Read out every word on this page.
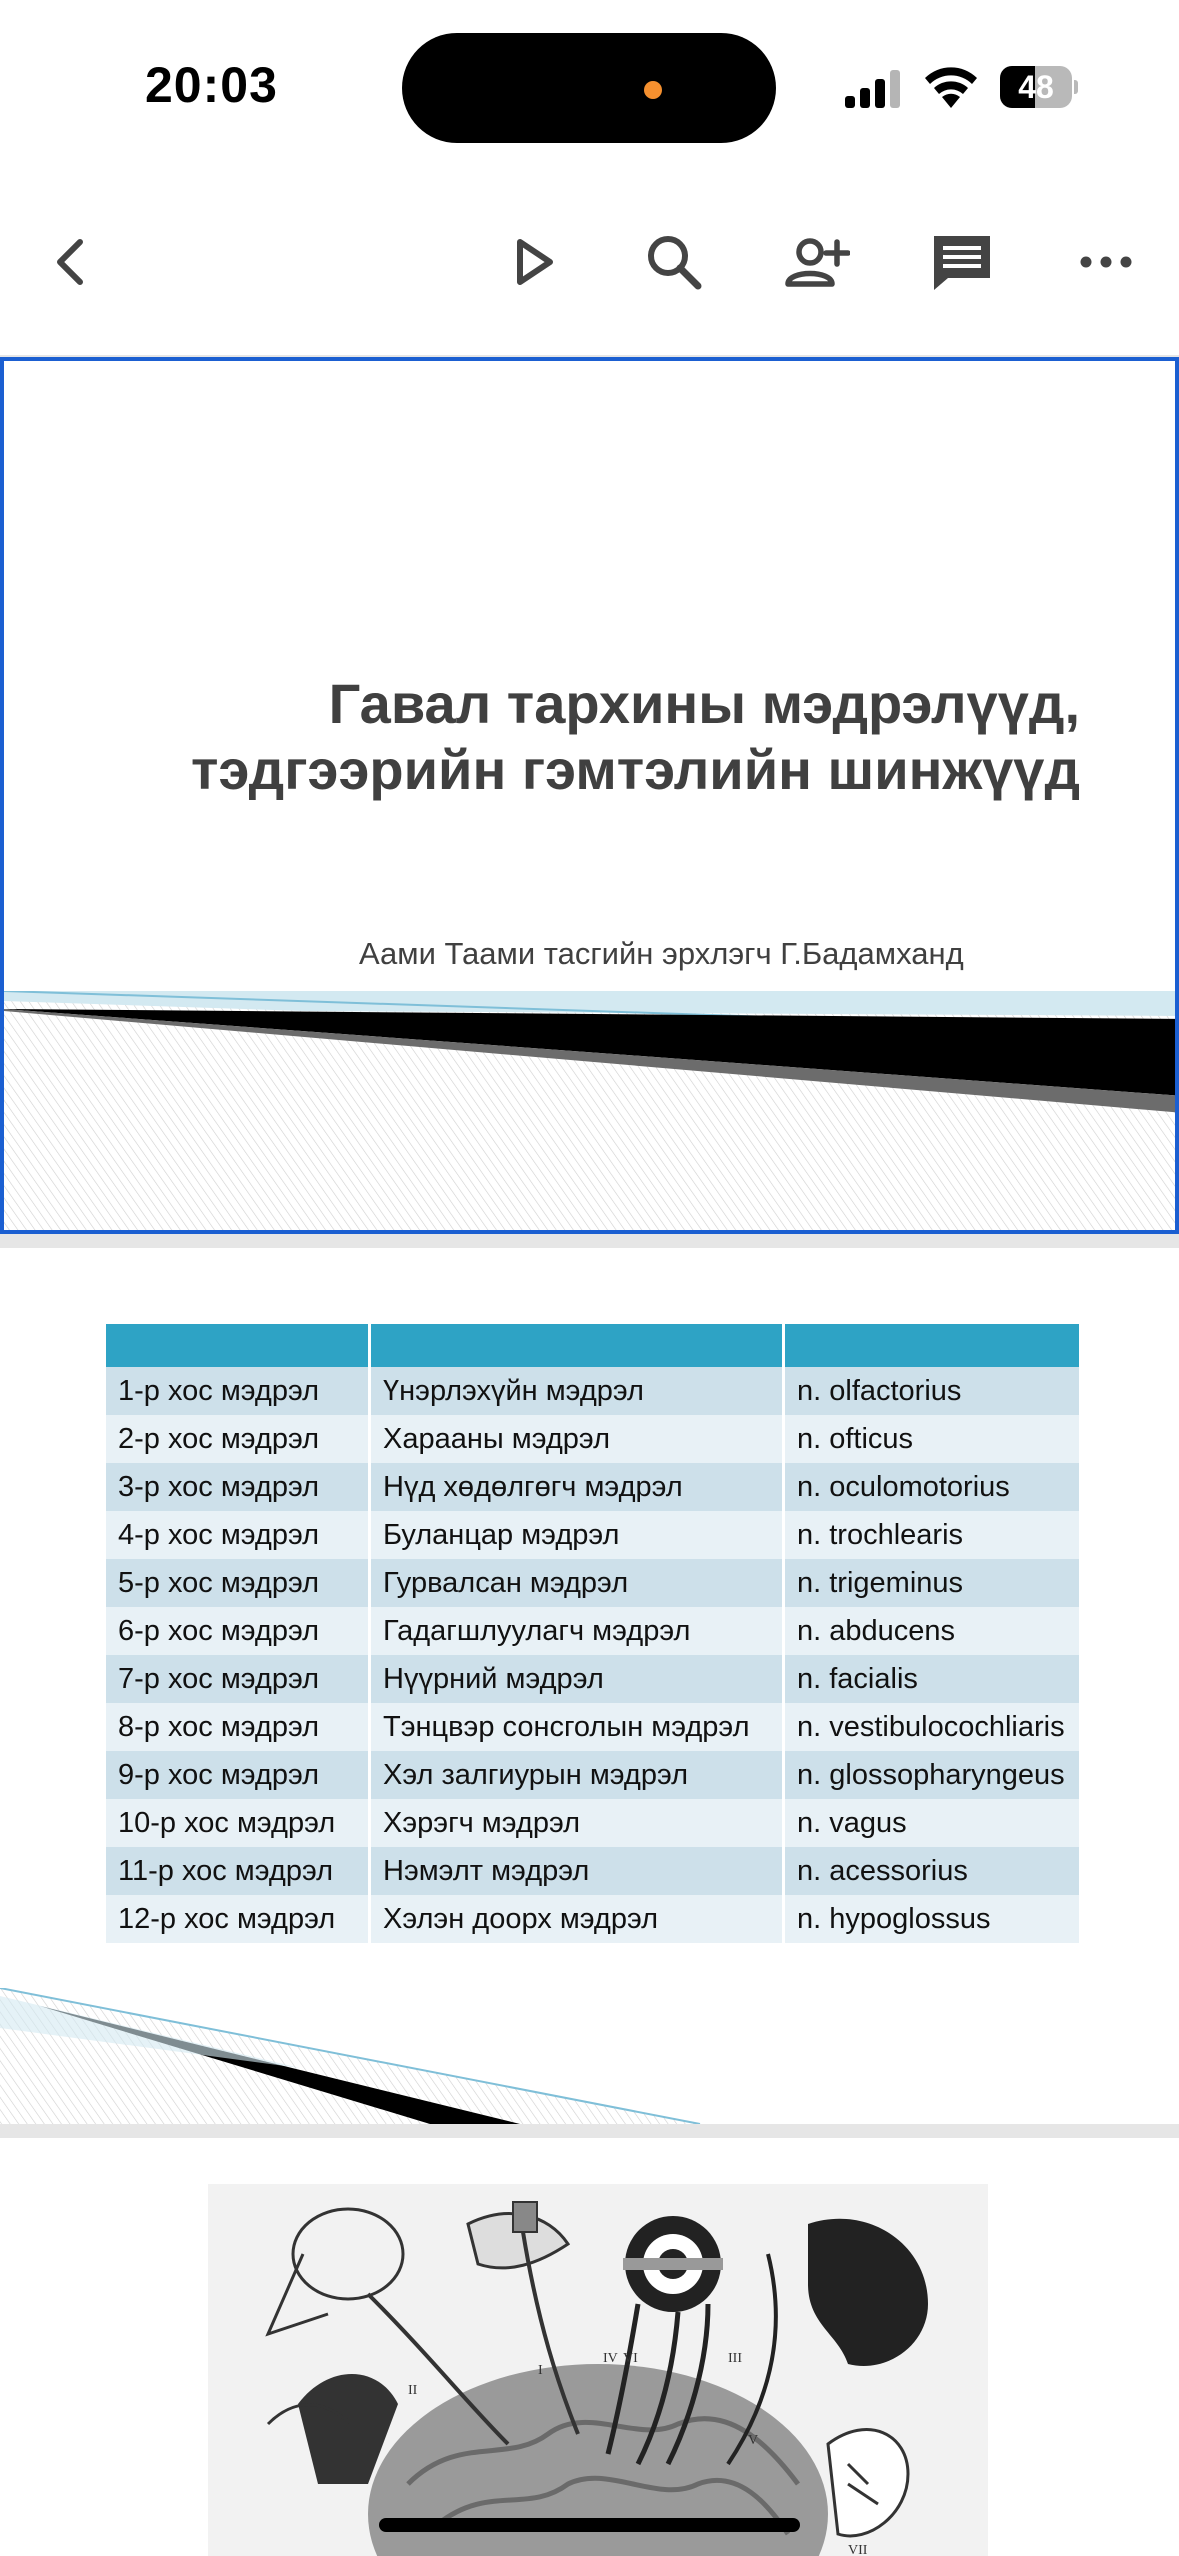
20:03	48
Гавал тархины мэдрэлүүд,
тэдгээрийн гэмтэлийн шинжүүд
Аами Таами тасгийн эрхлэгч Г.Бадамханд

1-р хос мэдрэл	Үнэрлэхүйн мэдрэл	n. olfactorius
2-р хос мэдрэл	Харааны мэдрэл	n. ofticus
3-р хос мэдрэл	Нүд хөдөлгөгч мэдрэл	n. oculomotorius
4-р хос мэдрэл	Буланцар мэдрэл	n. trochlearis
5-р хос мэдрэл	Гурвалсан мэдрэл	n. trigeminus
6-р хос мэдрэл	Гадагшлуулагч мэдрэл	n. abducens
7-р хос мэдрэл	Нүүрний мэдрэл	n. facialis
8-р хос мэдрэл	Тэнцвэр сонсголын мэдрэл	n. vestibulocochliaris
9-р хос мэдрэл	Хэл залгиурын мэдрэл	n. glossopharyngeus
10-р хос мэдрэл	Хэрэгч мэдрэл	n. vagus
11-р хос мэдрэл	Нэмэлт мэдрэл	n. acessorius
12-р хос мэдрэл	Хэлэн доорх мэдрэл	n. hypoglossus
II
I
IV VI	III
V
VII
